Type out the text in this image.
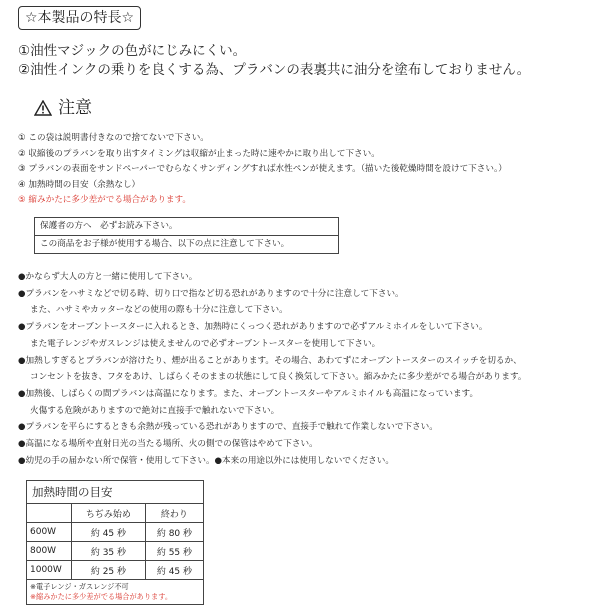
☆本製品の特長☆
①油性マジックの色がにじみにくい。
②油性インクの乗りを良くする為、プラバンの表裏共に油分を塗布しておりません。
注意
① この袋は説明書付きなので捨てないで下さい。
② 収縮後のプラバンを取り出すタイミングは収縮が止まった時に速やかに取り出して下さい。
③ プラバンの表面をサンドペーパーでむらなくサンディングすれば水性ペンが使えます。（描いた後乾燥時間を設けて下さい。）
④ 加熱時間の目安（余熱なし）
⑤ 縮みかたに多少差がでる場合があります。
保護者の方へ　必ずお読み下さい。
この商品をお子様が使用する場合、以下の点に注意して下さい。
●かならず大人の方と一緒に使用して下さい。
●プラバンをハサミなどで切る時、切り口で指など切る恐れがありますので十分に注意して下さい。
また、ハサミやカッターなどの使用の際も十分に注意して下さい。
●プラバンをオーブントースターに入れるとき、加熱時にくっつく恐れがありますので必ずアルミホイルをしいて下さい。
また電子レンジやガスレンジは使えませんので必ずオーブントースターを使用して下さい。
●加熱しすぎるとプラバンが溶けたり、煙が出ることがあります。その場合、あわてずにオーブントースターのスイッチを切るか、
コンセントを抜き、フタをあけ、しばらくそのままの状態にして良く換気して下さい。縮みかたに多少差がでる場合があります。
●加熱後、しばらくの間プラバンは高温になります。また、オーブントースターやアルミホイルも高温になっています。
火傷する危険がありますので絶対に直接手で触れないで下さい。
●プラバンを平らにするときも余熱が残っている恐れがありますので、直接手で触れて作業しないで下さい。
●高温になる場所や直射日光の当たる場所、火の側での保管はやめて下さい。
●幼児の手の届かない所で保管・使用して下さい。●本来の用途以外には使用しないでください。
加熱時間の目安		
	ちぢみ始め	終わり
600W	約 45 秒	約 80 秒
800W	約 35 秒	約 55 秒
1000W	約 25 秒	約 45 秒

※電子レンジ・ガスレンジ不可
※縮みかたに多少差がでる場合があります。		
